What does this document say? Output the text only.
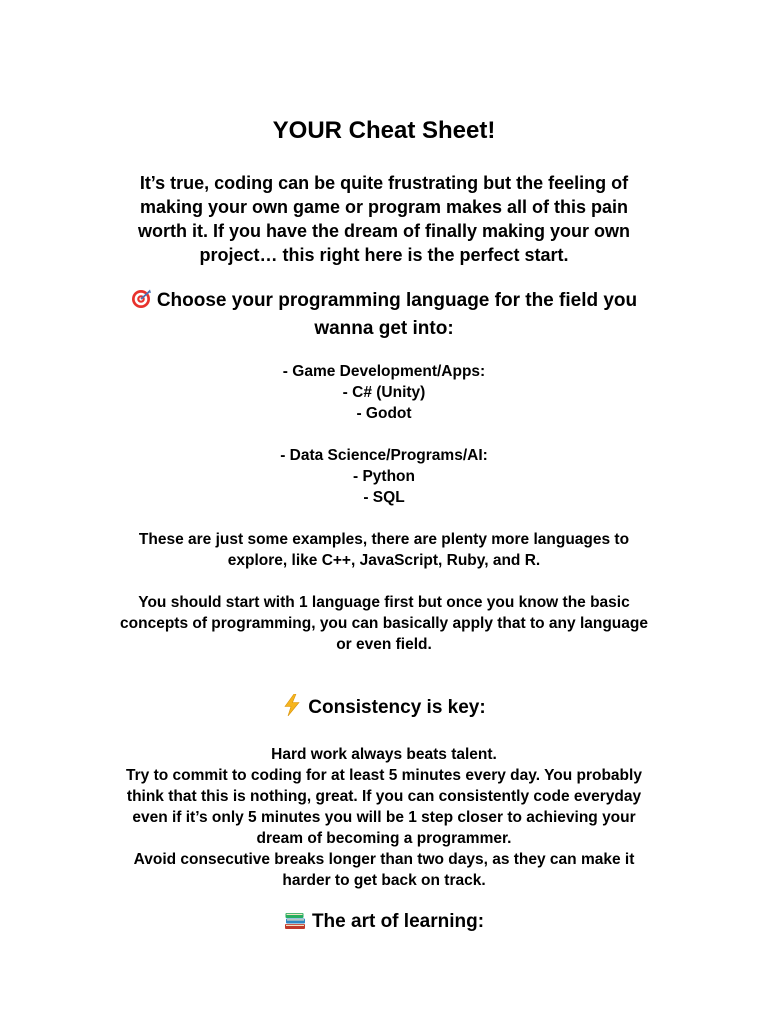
YOUR Cheat Sheet!
It’s true, coding can be quite frustrating but the feeling of
making your own game or program makes all of this pain
worth it. If you have the dream of finally making your own
project… this right here is the perfect start.
Choose your programming language for the field you
wanna get into:
- Game Development/Apps:
- C# (Unity)
- Godot
- Data Science/Programs/AI:
- Python
- SQL
These are just some examples, there are plenty more languages to
explore, like C++, JavaScript, Ruby, and R.
You should start with 1 language first but once you know the basic
concepts of programming, you can basically apply that to any language
or even field.
Consistency is key:
Hard work always beats talent.
Try to commit to coding for at least 5 minutes every day. You probably
think that this is nothing, great. If you can consistently code everyday
even if it’s only 5 minutes you will be 1 step closer to achieving your
dream of becoming a programmer.
Avoid consecutive breaks longer than two days, as they can make it
harder to get back on track.
The art of learning:
